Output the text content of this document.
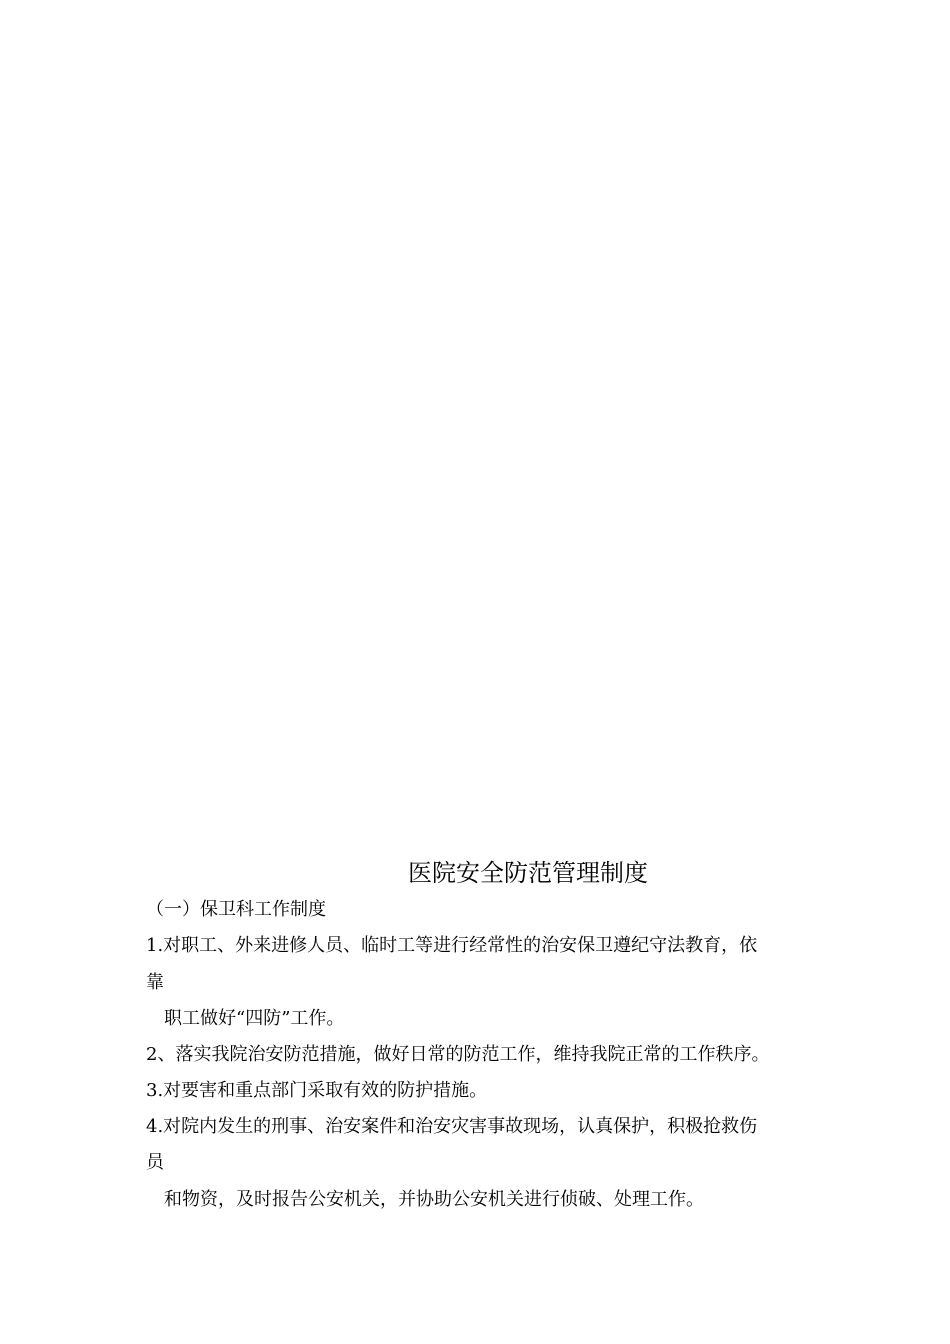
医院安全防范管理制度
（一）保卫科工作制度
1.对职工、外来进修人员、临时工等进行经常性的治安保卫遵纪守法教育，依
靠
职工做好“四防”工作。
2、落实我院治安防范措施，做好日常的防范工作，维持我院正常的工作秩序。
3.对要害和重点部门采取有效的防护措施。
4.对院内发生的刑事、治安案件和治安灾害事故现场，认真保护，积极抢救伤
员
和物资，及时报告公安机关，并协助公安机关进行侦破、处理工作。
